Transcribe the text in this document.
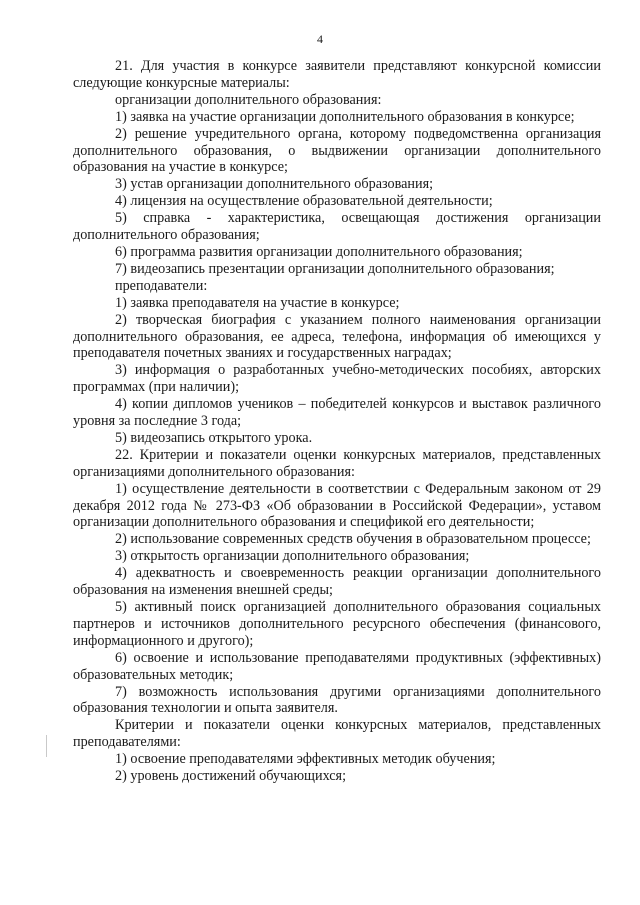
4

21. Для участия в конкурсе заявители представляют конкурсной комиссии следующие конкурсные материалы:

организации дополнительного образования:

1) заявка на участие организации дополнительного образования в конкурсе;

2) решение учредительного органа, которому подведомственна организация дополнительного образования, о выдвижении организации дополнительного образования на участие в конкурсе;

3) устав организации дополнительного образования;

4) лицензия на осуществление образовательной деятельности;

5) справка - характеристика, освещающая достижения организации дополнительного образования;

6) программа развития организации дополнительного образования;

7) видеозапись презентации организации дополнительного образования;

преподаватели:

1) заявка преподавателя на участие в конкурсе;

2) творческая биография с указанием полного наименования организации дополнительного образования, ее адреса, телефона, информация об имеющихся у преподавателя почетных званиях и государственных наградах;

3) информация о разработанных учебно-методических пособиях, авторских программах (при наличии);

4) копии дипломов учеников – победителей конкурсов и выставок различного уровня за последние 3 года;

5) видеозапись открытого урока.

22. Критерии и показатели оценки конкурсных материалов, представленных организациями дополнительного образования:

1) осуществление деятельности в соответствии с Федеральным законом от 29 декабря 2012 года № 273-ФЗ «Об образовании в Российской Федерации», уставом организации дополнительного образования и спецификой его деятельности;

2) использование современных средств обучения в образовательном процессе;

3) открытость организации дополнительного образования;

4) адекватность и своевременность реакции организации дополнительного образования на изменения внешней среды;

5) активный поиск организацией дополнительного образования социальных партнеров и источников дополнительного ресурсного обеспечения (финансового, информационного и другого);

6) освоение и использование преподавателями продуктивных (эффективных) образовательных методик;

7) возможность использования другими организациями дополнительного образования технологии и опыта заявителя.

Критерии и показатели оценки конкурсных материалов, представленных преподавателями:

1) освоение преподавателями эффективных методик обучения;

2) уровень достижений обучающихся;
